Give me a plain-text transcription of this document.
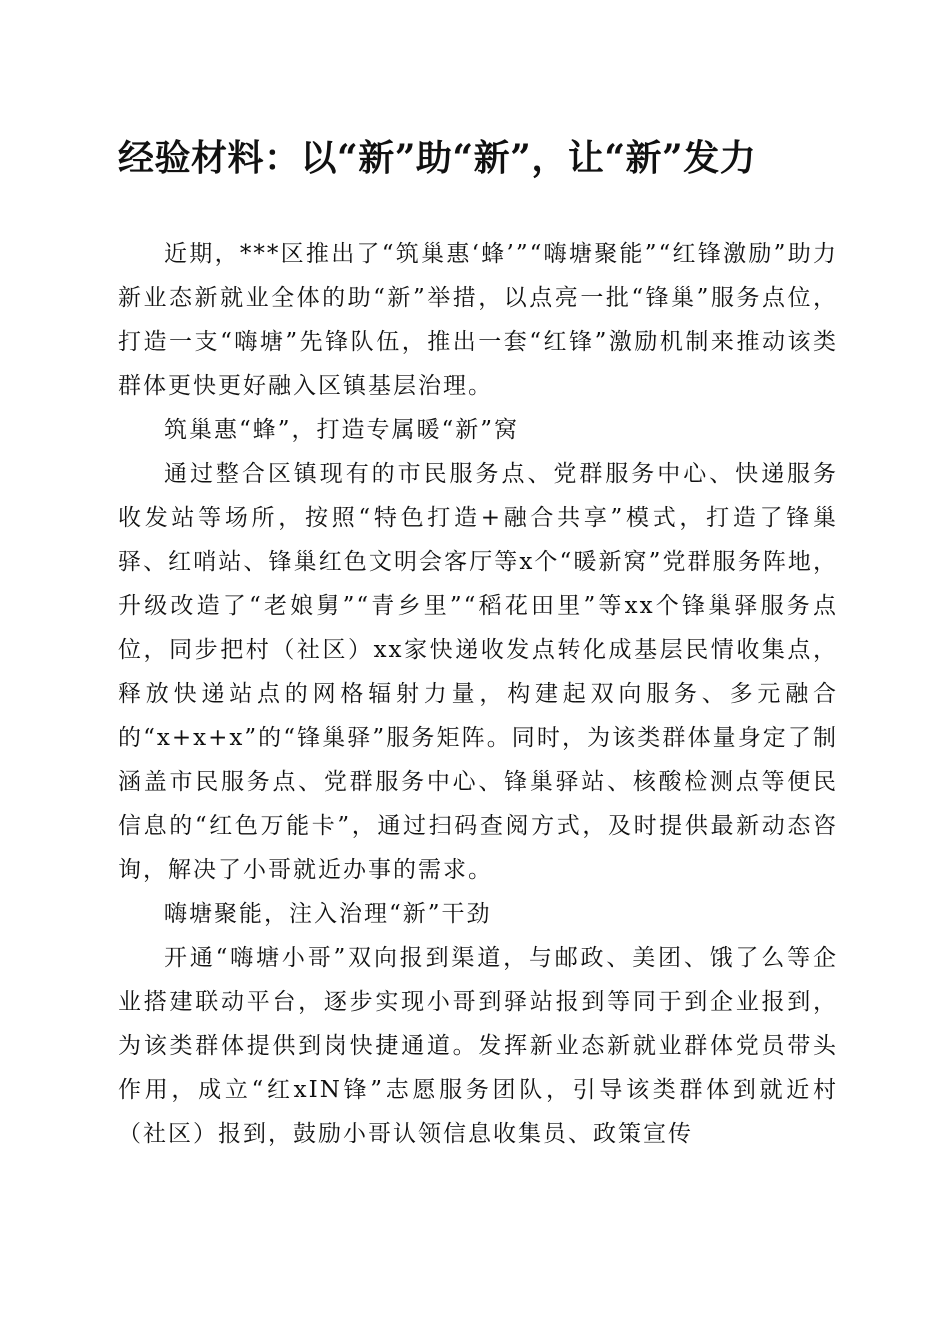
经验材料：以“新”助“新”，让“新”发力

近期，***区推出了“筑巢惠‘蜂’”“嗨塘聚能”“红锋激励”助力新业态新就业全体的助“新”举措，以点亮一批“锋巢”服务点位，打造一支“嗨塘”先锋队伍，推出一套“红锋”激励机制来推动该类群体更快更好融入区镇基层治理。

筑巢惠“蜂”，打造专属暖“新”窝

通过整合区镇现有的市民服务点、党群服务中心、快递服务收发站等场所，按照“特色打造+融合共享”模式，打造了锋巢驿、红哨站、锋巢红色文明会客厅等x个“暖新窝”党群服务阵地，升级改造了“老娘舅”“青乡里”“稻花田里”等xx个锋巢驿服务点位，同步把村（社区）xx家快递收发点转化成基层民情收集点，释放快递站点的网格辐射力量，构建起双向服务、多元融合的“x+x+x”的“锋巢驿”服务矩阵。同时，为该类群体量身定了制涵盖市民服务点、党群服务中心、锋巢驿站、核酸检测点等便民信息的“红色万能卡”，通过扫码查阅方式，及时提供最新动态咨询，解决了小哥就近办事的需求。

嗨塘聚能，注入治理“新”干劲

开通“嗨塘小哥”双向报到渠道，与邮政、美团、饿了么等企业搭建联动平台，逐步实现小哥到驿站报到等同于到企业报到，为该类群体提供到岗快捷通道。发挥新业态新就业群体党员带头作用，成立“红xIN锋”志愿服务团队，引导该类群体到就近村（社区）报到，鼓励小哥认领信息收集员、政策宣传
